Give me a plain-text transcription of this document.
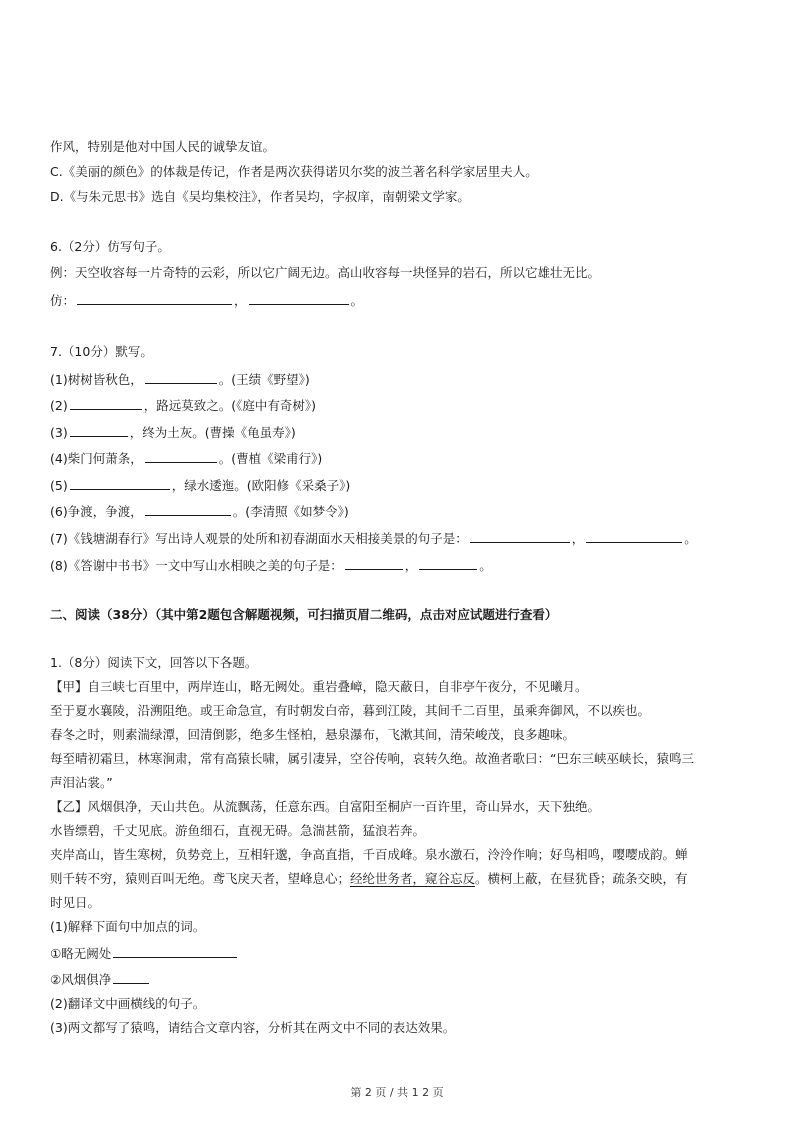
作风，特别是他对中国人民的诚挚友谊。
C.《美丽的颜色》的体裁是传记，作者是两次获得诺贝尔奖的波兰著名科学家居里夫人。
D.《与朱元思书》选自《吴均集校注》，作者吴均，字叔庠，南朝梁文学家。
6.（2分）仿写句子。
例：天空收容每一片奇特的云彩，所以它广阔无边。高山收容每一块怪异的岩石，所以它雄壮无比。
仿：	，	。
7.（10分）默写。
(1)树树皆秋色，	。(王绩《野望》)
(2)	，路远莫致之。(《庭中有奇树》)
(3)	，终为土灰。(曹操《龟虽寿》)
(4)柴门何萧条，	。(曹植《梁甫行》)
(5)	，绿水逶迤。(欧阳修《采桑子》)
(6)争渡，争渡，	。(李清照《如梦令》)
(7)《钱塘湖春行》写出诗人观景的处所和初春湖面水天相接美景的句子是：	，	。
(8)《答谢中书书》一文中写山水相映之美的句子是：	，	。
二、阅读（38分）（其中第2题包含解题视频，可扫描页眉二维码，点击对应试题进行查看）
1.（8分）阅读下文，回答以下各题。
【甲】自三峡七百里中，两岸连山，略无阙处。重岩叠嶂，隐天蔽日，自非亭午夜分，不见曦月。
至于夏水襄陵，沿溯阻绝。或王命急宣，有时朝发白帝，暮到江陵，其间千二百里，虽乘奔御风，不以疾也。
春冬之时，则素湍绿潭，回清倒影，绝多生怪柏，悬泉瀑布，飞漱其间，清荣峻茂，良多趣味。
每至晴初霜旦，林寒涧肃，常有高猿长啸，属引凄异，空谷传响，哀转久绝。故渔者歌曰：“巴东三峡巫峡长，猿鸣三
声泪沾裳。”
【乙】风烟俱净，天山共色。从流飘荡，任意东西。自富阳至桐庐一百许里，奇山异水，天下独绝。
水皆缥碧，千丈见底。游鱼细石，直视无碍。急湍甚箭，猛浪若奔。
夹岸高山，皆生寒树，负势竞上，互相轩邈，争高直指，千百成峰。泉水激石，泠泠作响；好鸟相鸣，嘤嘤成韵。蝉
则千转不穷，猿则百叫无绝。鸢飞戾天者，望峰息心；经纶世务者，窥谷忘反。横柯上蔽，在昼犹昏；疏条交映，有
时见日。
(1)解释下面句中加点的词。
①略无阙处
②风烟俱净
(2)翻译文中画横线的句子。
(3)两文都写了猿鸣，请结合文章内容，分析其在两文中不同的表达效果。
第 2 页 / 共 1 2 页
